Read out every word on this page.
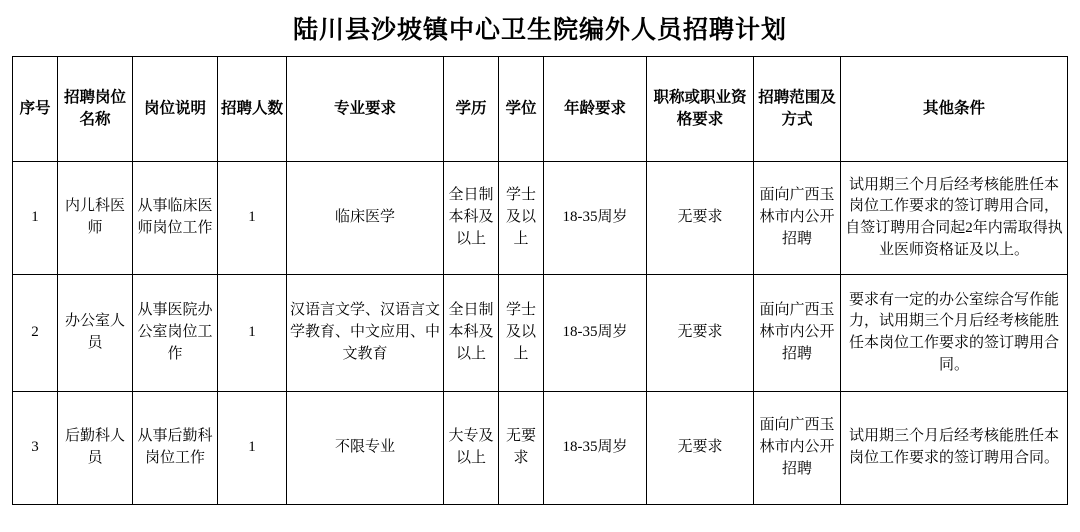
陆川县沙坡镇中心卫生院编外人员招聘计划
序号	招聘岗位名称	岗位说明	招聘人数	专业要求	学历	学位	年龄要求	职称或职业资格要求	招聘范围及方式	其他条件
1	内儿科医师	从事临床医师岗位工作	1	临床医学	全日制本科及以上	学士及以上	18-35周岁	无要求	面向广西玉林市内公开招聘	试用期三个月后经考核能胜任本岗位工作要求的签订聘用合同，自签订聘用合同起2年内需取得执业医师资格证及以上。
2	办公室人员	从事医院办公室岗位工作	1	汉语言文学、汉语言文学教育、中文应用、中文教育	全日制本科及以上	学士及以上	18-35周岁	无要求	面向广西玉林市内公开招聘	要求有一定的办公室综合写作能力，试用期三个月后经考核能胜任本岗位工作要求的签订聘用合同。
3	后勤科人员	从事后勤科岗位工作	1	不限专业	大专及以上	无要求	18-35周岁	无要求	面向广西玉林市内公开招聘	试用期三个月后经考核能胜任本岗位工作要求的签订聘用合同。
